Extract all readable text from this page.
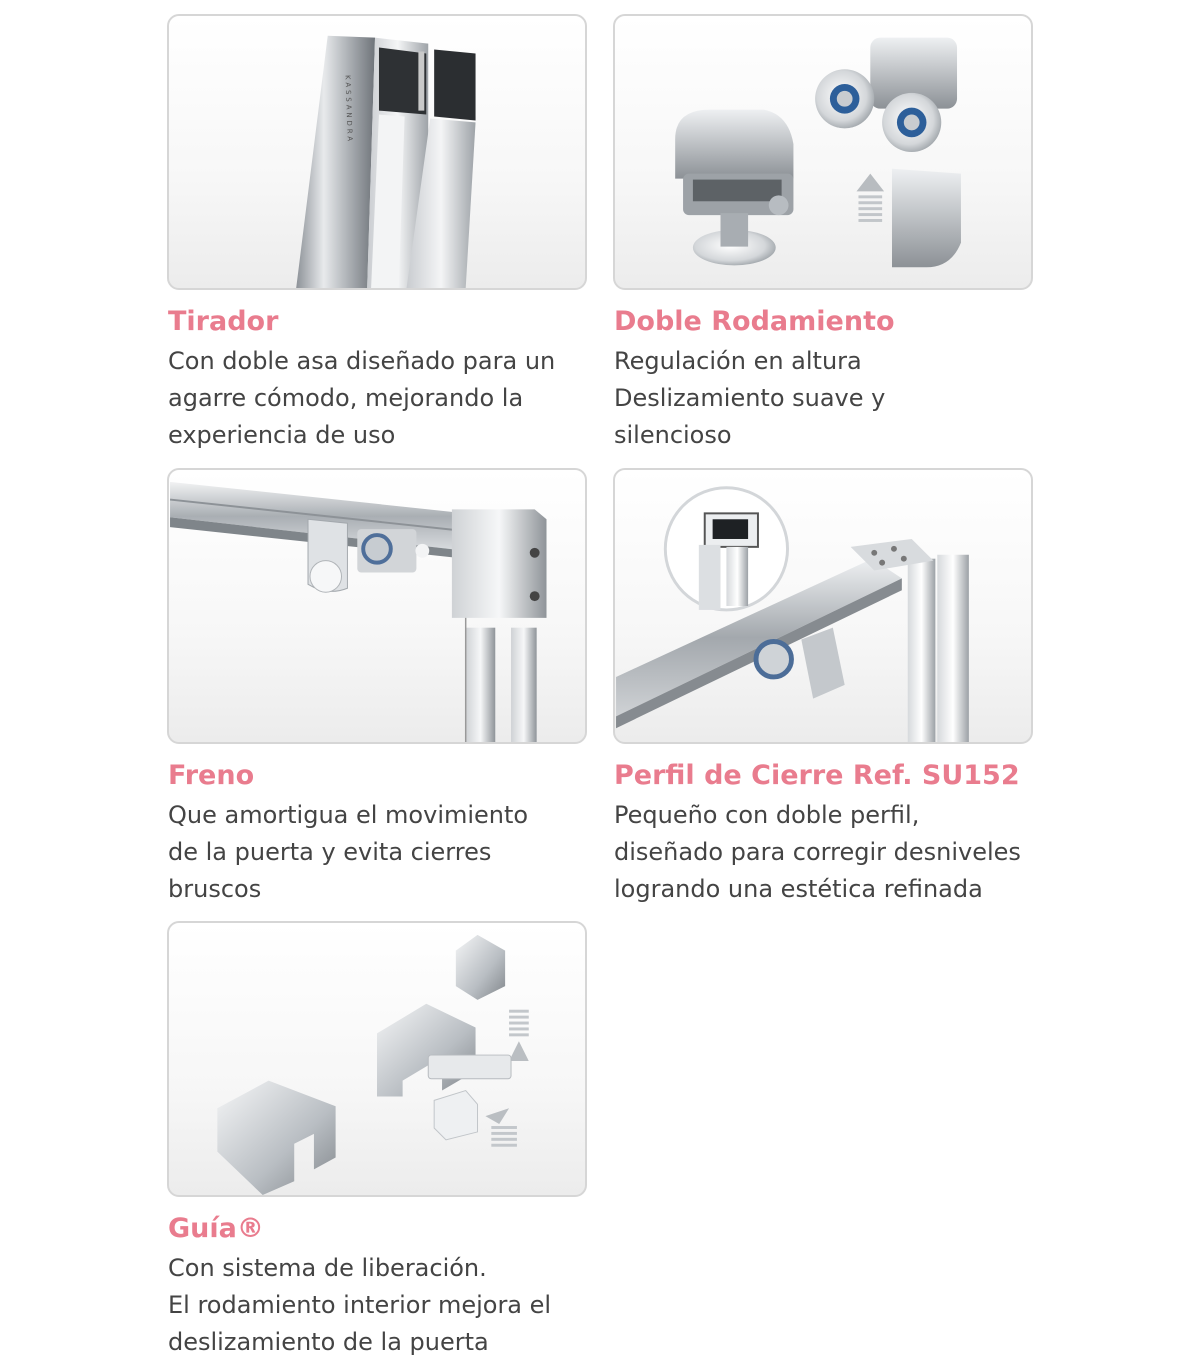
KASSANDRA

Tirador

Con doble asa diseñado para un
agarre cómodo, mejorando la
experiencia de uso

Doble Rodamiento

Regulación en altura
Deslizamiento suave y
silencioso

Freno

Que amortigua el movimiento
de la puerta y evita cierres
bruscos

Perfil de Cierre Ref. SU152

Pequeño con doble perfil,
diseñado para corregir desniveles
logrando una estética refinada

Guía®

Con sistema de liberación.
El rodamiento interior mejora el
deslizamiento de la puerta
